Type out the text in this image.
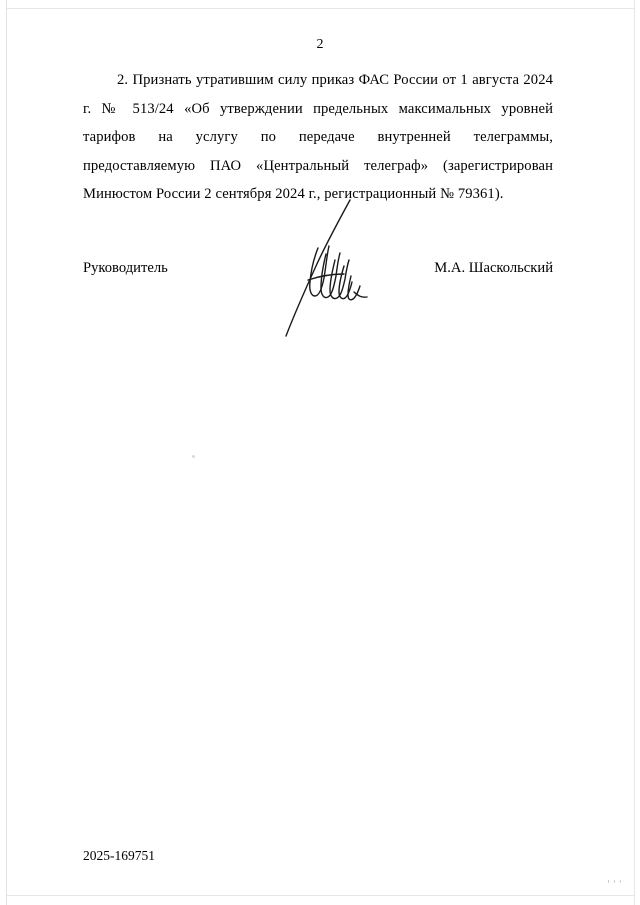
2

2. Признать утратившим силу приказ ФАС России от 1 августа 2024 г. № 513/24 «Об утверждении предельных максимальных уровней тарифов на услугу по передаче внутренней телеграммы, предоставляемую ПАО «Центральный телеграф» (зарегистрирован Минюстом России 2 сентября 2024 г., регистрационный № 79361).

Руководитель	М.А. Шаскольский
2025-169751
' ' '
